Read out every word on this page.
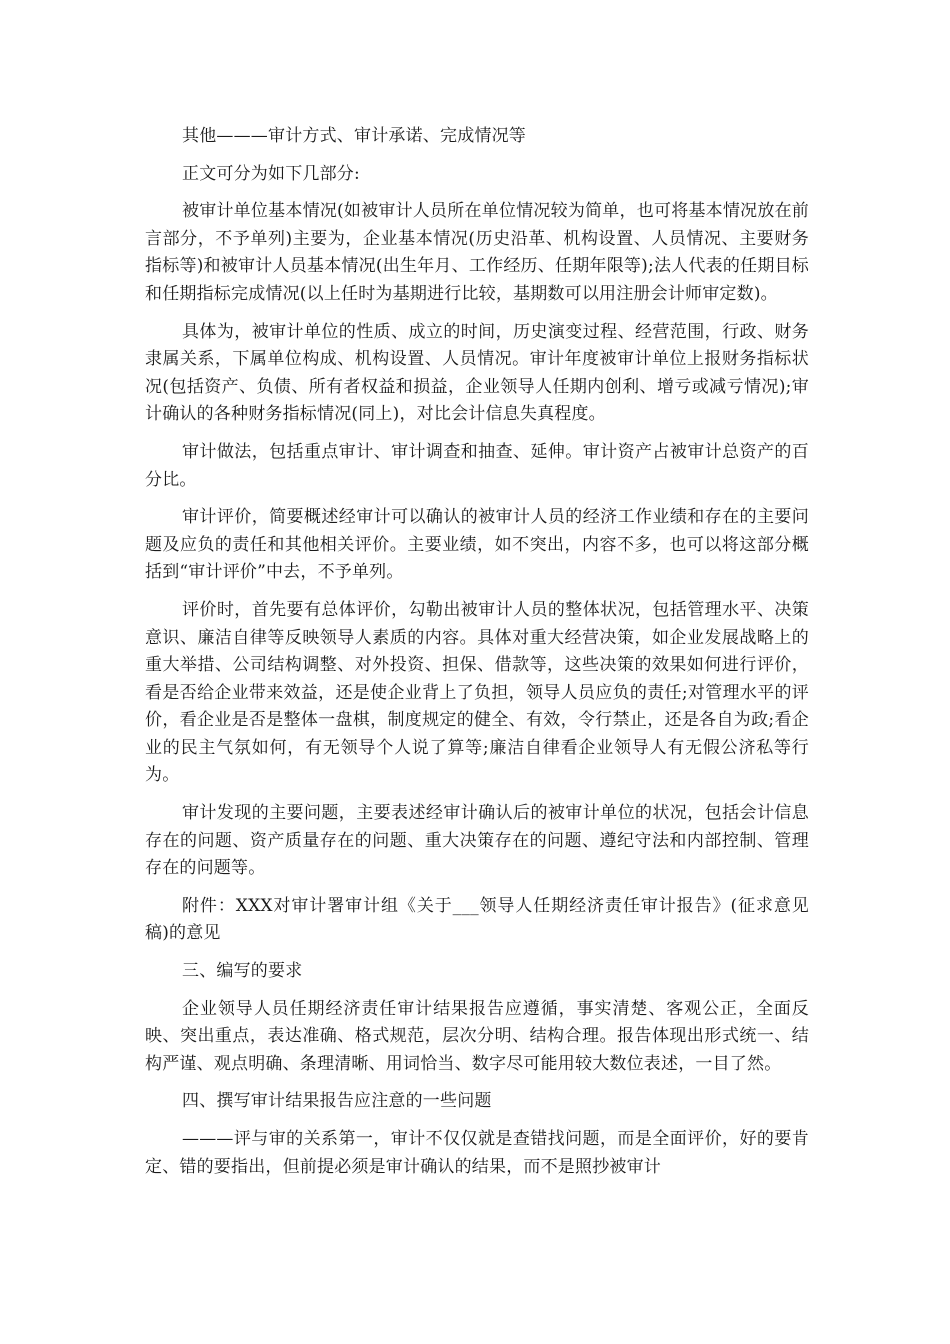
其他———审计方式、审计承诺、完成情况等

正文可分为如下几部分:

被审计单位基本情况(如被审计人员所在单位情况较为简单，也可将基本情况放在前言部分，不予单列)主要为，企业基本情况(历史沿革、机构设置、人员情况、主要财务指标等)和被审计人员基本情况(出生年月、工作经历、任期年限等);法人代表的任期目标和任期指标完成情况(以上任时为基期进行比较，基期数可以用注册会计师审定数)。

具体为，被审计单位的性质、成立的时间，历史演变过程、经营范围，行政、财务隶属关系，下属单位构成、机构设置、人员情况。审计年度被审计单位上报财务指标状况(包括资产、负债、所有者权益和损益，企业领导人任期内创利、增亏或减亏情况);审计确认的各种财务指标情况(同上)，对比会计信息失真程度。

审计做法，包括重点审计、审计调查和抽查、延伸。审计资产占被审计总资产的百分比。

审计评价，简要概述经审计可以确认的被审计人员的经济工作业绩和存在的主要问题及应负的责任和其他相关评价。主要业绩，如不突出，内容不多，也可以将这部分概括到“审计评价”中去，不予单列。

评价时，首先要有总体评价，勾勒出被审计人员的整体状况，包括管理水平、决策意识、廉洁自律等反映领导人素质的内容。具体对重大经营决策，如企业发展战略上的重大举措、公司结构调整、对外投资、担保、借款等，这些决策的效果如何进行评价，看是否给企业带来效益，还是使企业背上了负担，领导人员应负的责任;对管理水平的评价，看企业是否是整体一盘棋，制度规定的健全、有效，令行禁止，还是各自为政;看企业的民主气氛如何，有无领导个人说了算等;廉洁自律看企业领导人有无假公济私等行为。

审计发现的主要问题，主要表述经审计确认后的被审计单位的状况，包括会计信息存在的问题、资产质量存在的问题、重大决策存在的问题、遵纪守法和内部控制、管理存在的问题等。

附件：XXX对审计署审计组《关于___领导人任期经济责任审计报告》(征求意见稿)的意见

三、编写的要求

企业领导人员任期经济责任审计结果报告应遵循，事实清楚、客观公正，全面反映、突出重点，表达准确、格式规范，层次分明、结构合理。报告体现出形式统一、结构严谨、观点明确、条理清晰、用词恰当、数字尽可能用较大数位表述，一目了然。

四、撰写审计结果报告应注意的一些问题

———评与审的关系第一，审计不仅仅就是查错找问题，而是全面评价，好的要肯定、错的要指出，但前提必须是审计确认的结果，而不是照抄被审计
